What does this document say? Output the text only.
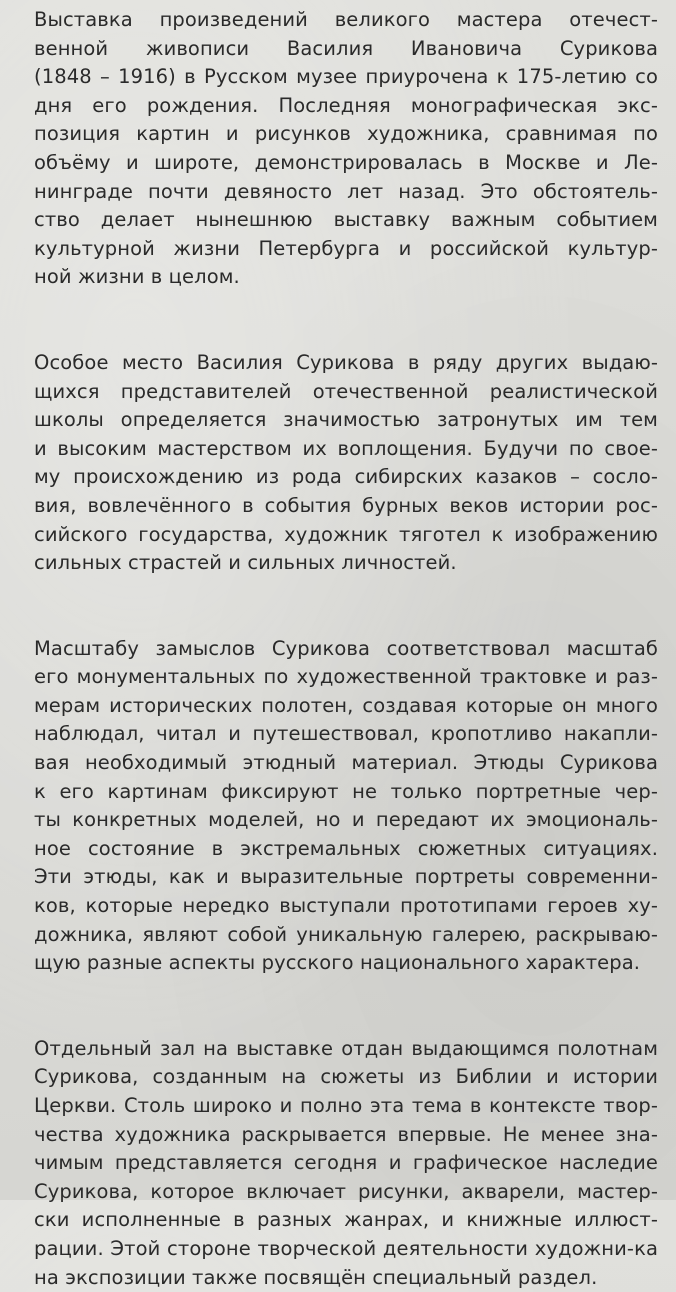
Выставка произведений великого мастера отечест-
венной живописи Василия Ивановича Сурикова
(1848 – 1916) в Русском музее приурочена к 175-летию со
дня его рождения. Последняя монографическая экс-
позиция картин и рисунков художника, сравнимая по
объёму и широте, демонстрировалась в Москве и Ле-
нинграде почти девяносто лет назад. Это обстоятель-
ство делает нынешнюю выставку важным событием
культурной жизни Петербурга и российской культур-
ной жизни в целом.

Особое место Василия Сурикова в ряду других выдаю-
щихся представителей отечественной реалистической
школы определяется значимостью затронутых им тем
и высоким мастерством их воплощения. Будучи по свое-
му происхождению из рода сибирских казаков – сосло-
вия, вовлечённого в события бурных веков истории рос-
сийского государства, художник тяготел к изображению
сильных страстей и сильных личностей.

Масштабу замыслов Сурикова соответствовал масштаб
его монументальных по художественной трактовке и раз-
мерам исторических полотен, создавая которые он много
наблюдал, читал и путешествовал, кропотливо накапли-
вая необходимый этюдный материал. Этюды Сурикова
к его картинам фиксируют не только портретные чер-
ты конкретных моделей, но и передают их эмоциональ-
ное состояние в экстремальных сюжетных ситуациях.
Эти этюды, как и выразительные портреты современни-
ков, которые нередко выступали прототипами героев ху-
дожника, являют собой уникальную галерею, раскрываю-
щую разные аспекты русского национального характера.

Отдельный зал на выставке отдан выдающимся полотнам
Сурикова, созданным на сюжеты из Библии и истории
Церкви. Столь широко и полно эта тема в контексте твор-
чества художника раскрывается впервые. Не менее зна-
чимым представляется сегодня и графическое наследие
Сурикова, которое включает рисунки, акварели, мастер-
ски исполненные в разных жанрах, и книжные иллюст-
рации. Этой стороне творческой деятельности художни-ка
на экспозиции также посвящён специальный раздел.
